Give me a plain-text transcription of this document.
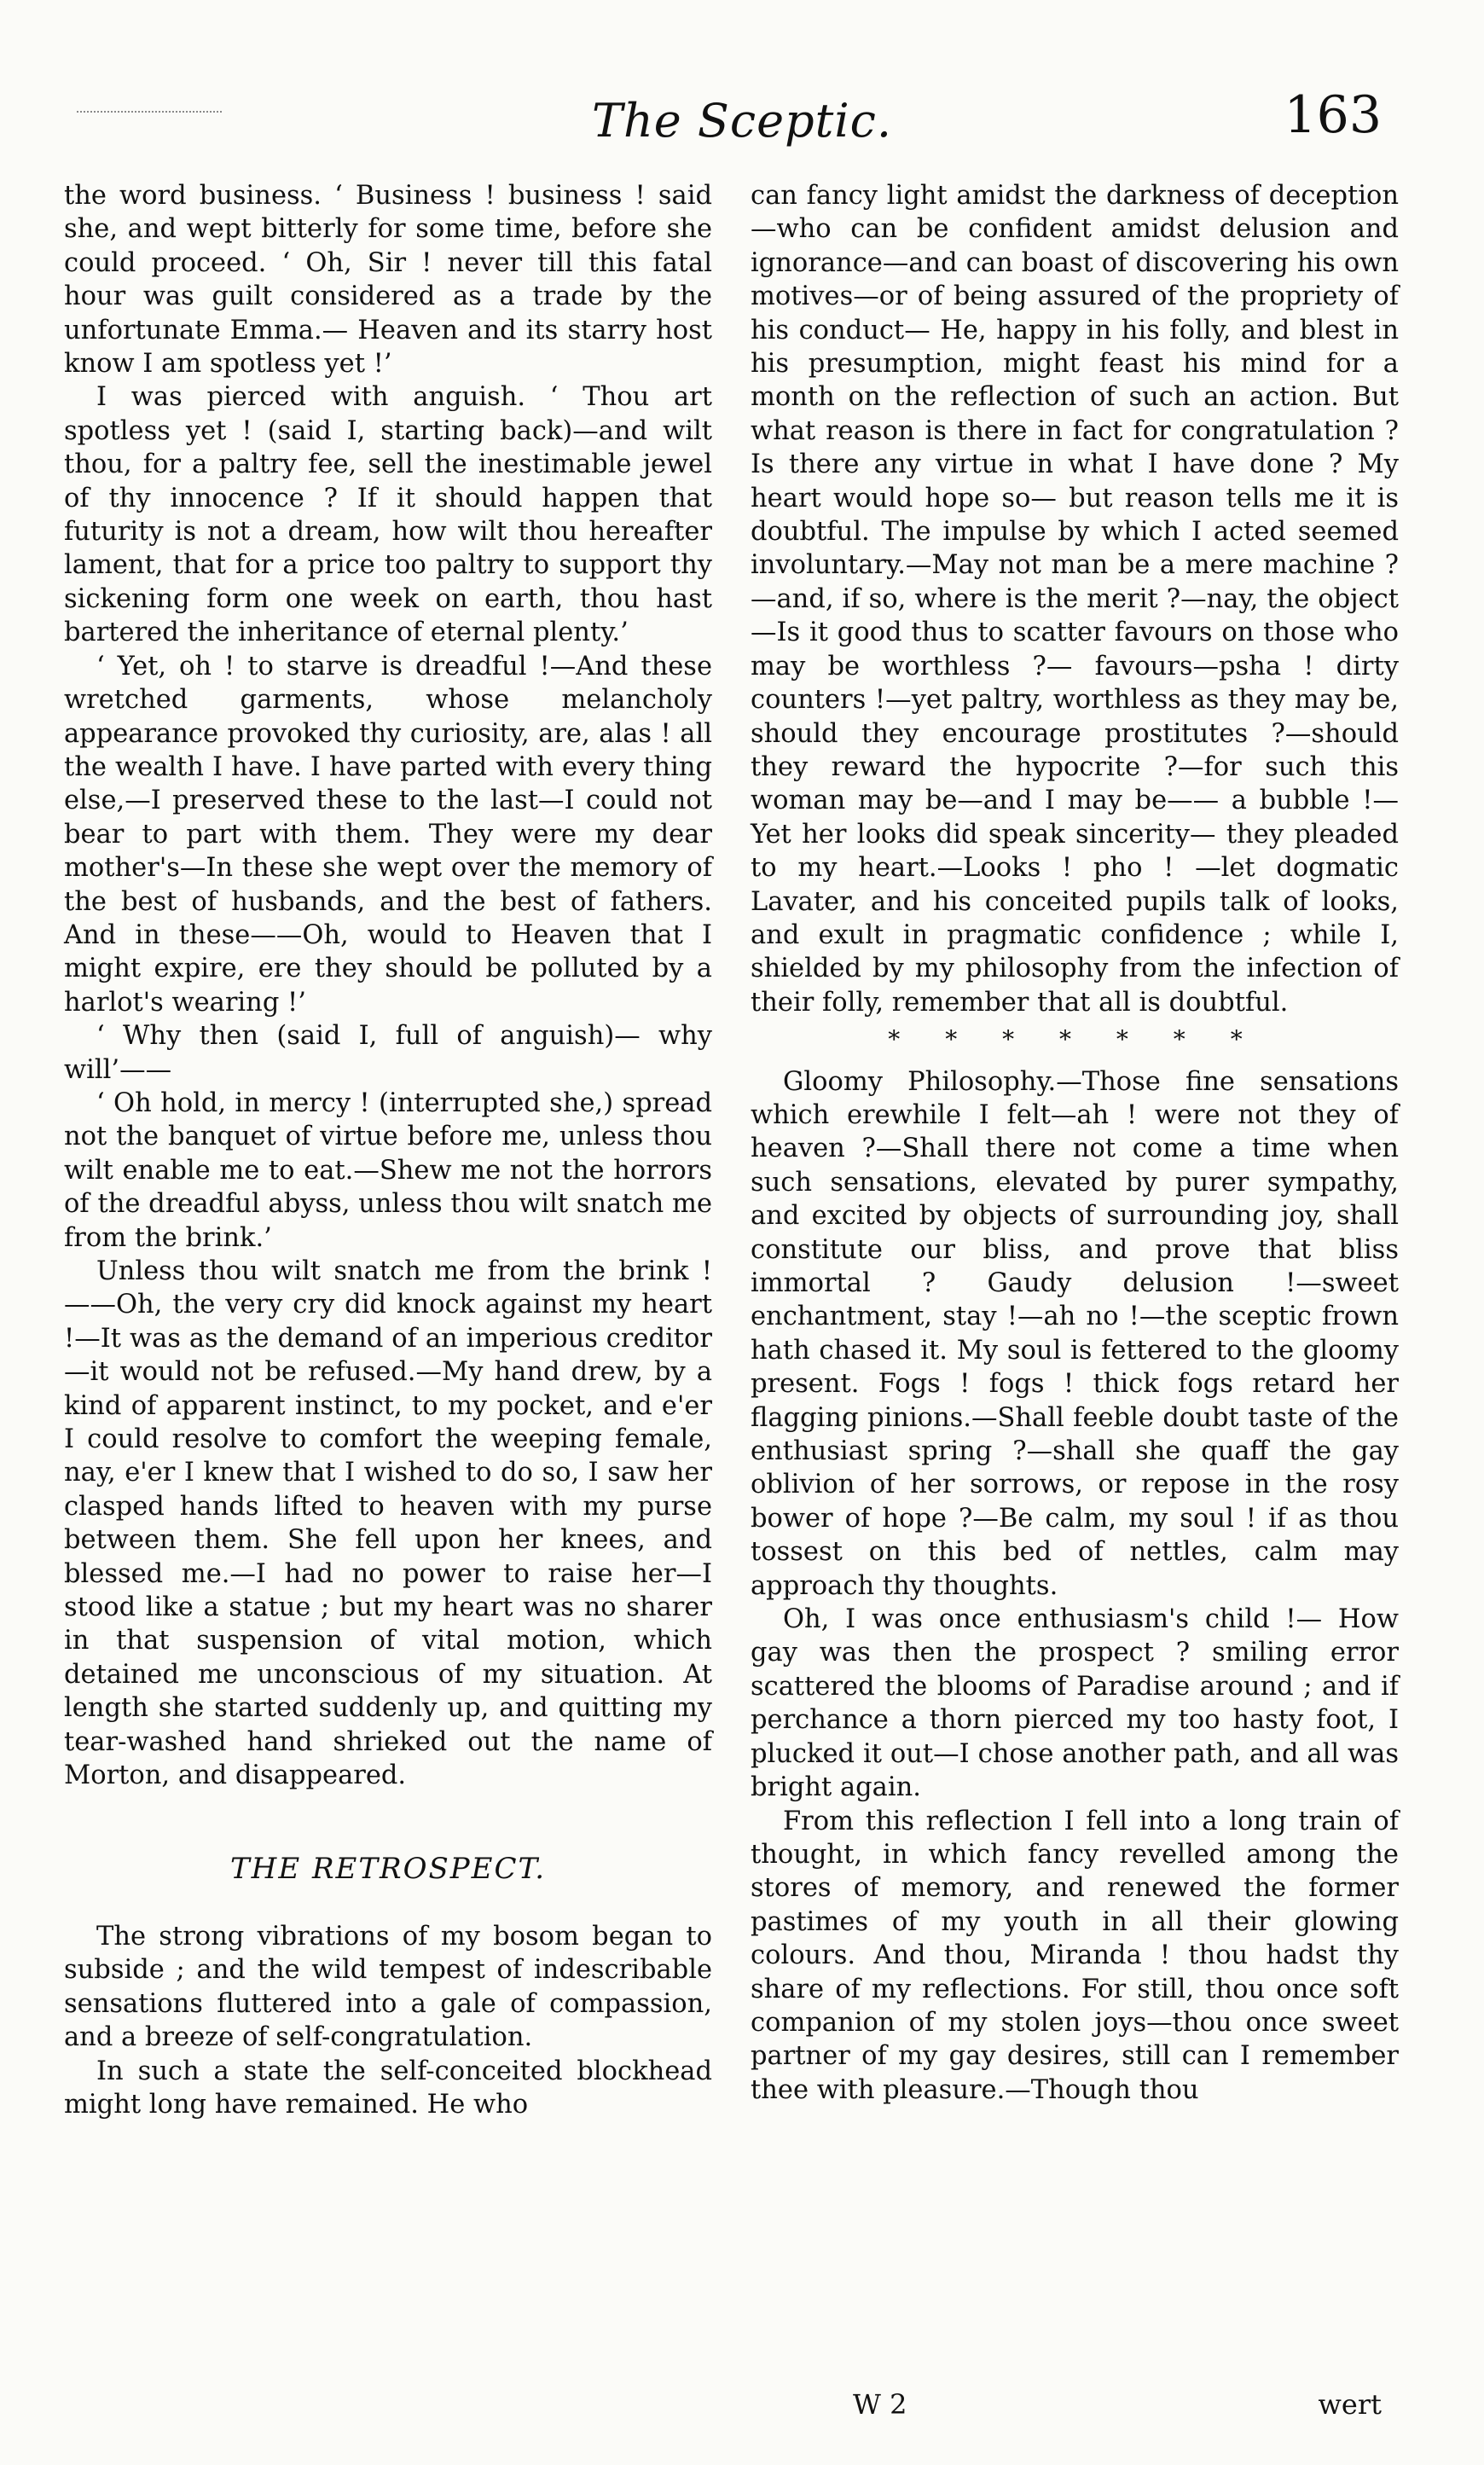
The Sceptic.	163

the word business. ‘ Business ! business ! said she, and wept bitterly for some time, before she could proceed. ‘ Oh, Sir ! never till this fatal hour was guilt considered as a trade by the unfortunate Emma.— Heaven and its starry host know I am spotless yet !’

I was pierced with anguish. ‘ Thou art spotless yet ! (said I, starting back)—and wilt thou, for a paltry fee, sell the inestimable jewel of thy innocence ? If it should happen that futurity is not a dream, how wilt thou hereafter lament, that for a price too paltry to support thy sickening form one week on earth, thou hast bartered the inheritance of eternal plenty.’

‘ Yet, oh ! to starve is dreadful !—And these wretched garments, whose melancholy appearance provoked thy curiosity, are, alas ! all the wealth I have. I have parted with every thing else,—I preserved these to the last—I could not bear to part with them. They were my dear mother's—In these she wept over the memory of the best of husbands, and the best of fathers. And in these——Oh, would to Heaven that I might expire, ere they should be polluted by a harlot's wearing !’

‘ Why then (said I, full of anguish)— why will’——

‘ Oh hold, in mercy ! (interrupted she,) spread not the banquet of virtue before me, unless thou wilt enable me to eat.—Shew me not the horrors of the dreadful abyss, unless thou wilt snatch me from the brink.’

Unless thou wilt snatch me from the brink ! ——Oh, the very cry did knock against my heart !—It was as the demand of an imperious creditor—it would not be refused.—My hand drew, by a kind of apparent instinct, to my pocket, and e'er I could resolve to comfort the weeping female, nay, e'er I knew that I wished to do so, I saw her clasped hands lifted to heaven with my purse between them. She fell upon her knees, and blessed me.—I had no power to raise her—I stood like a statue ; but my heart was no sharer in that suspension of vital motion, which detained me unconscious of my situation. At length she started suddenly up, and quitting my tear-washed hand shrieked out the name of Morton, and disappeared.

THE RETROSPECT.

The strong vibrations of my bosom began to subside ; and the wild tempest of indescribable sensations fluttered into a gale of compassion, and a breeze of self-congratulation.

In such a state the self-conceited blockhead might long have remained. He who

can fancy light amidst the darkness of deception—who can be confident amidst delusion and ignorance—and can boast of discovering his own motives—or of being assured of the propriety of his conduct— He, happy in his folly, and blest in his presumption, might feast his mind for a month on the reflection of such an action. But what reason is there in fact for congratulation ? Is there any virtue in what I have done ? My heart would hope so— but reason tells me it is doubtful. The impulse by which I acted seemed involuntary.—May not man be a mere machine ? —and, if so, where is the merit ?—nay, the object—Is it good thus to scatter favours on those who may be worthless ?— favours—psha ! dirty counters !—yet paltry, worthless as they may be, should they encourage prostitutes ?—should they reward the hypocrite ?—for such this woman may be—and I may be—— a bubble !—Yet her looks did speak sincerity— they pleaded to my heart.—Looks ! pho ! —let dogmatic Lavater, and his conceited pupils talk of looks, and exult in pragmatic confidence ; while I, shielded by my philosophy from the infection of their folly, remember that all is doubtful.

* * * * * * *

Gloomy Philosophy.—Those fine sensations which erewhile I felt—ah ! were not they of heaven ?—Shall there not come a time when such sensations, elevated by purer sympathy, and excited by objects of surrounding joy, shall constitute our bliss, and prove that bliss immortal ? Gaudy delusion !—sweet enchantment, stay !—ah no !—the sceptic frown hath chased it. My soul is fettered to the gloomy present. Fogs ! fogs ! thick fogs retard her flagging pinions.—Shall feeble doubt taste of the enthusiast spring ?—shall she quaff the gay oblivion of her sorrows, or repose in the rosy bower of hope ?—Be calm, my soul ! if as thou tossest on this bed of nettles, calm may approach thy thoughts.

Oh, I was once enthusiasm's child !— How gay was then the prospect ? smiling error scattered the blooms of Paradise around ; and if perchance a thorn pierced my too hasty foot, I plucked it out—I chose another path, and all was bright again.

From this reflection I fell into a long train of thought, in which fancy revelled among the stores of memory, and renewed the former pastimes of my youth in all their glowing colours. And thou, Miranda ! thou hadst thy share of my reflections. For still, thou once soft companion of my stolen joys—thou once sweet partner of my gay desires, still can I remember thee with pleasure.—Though thou

W 2	wert
